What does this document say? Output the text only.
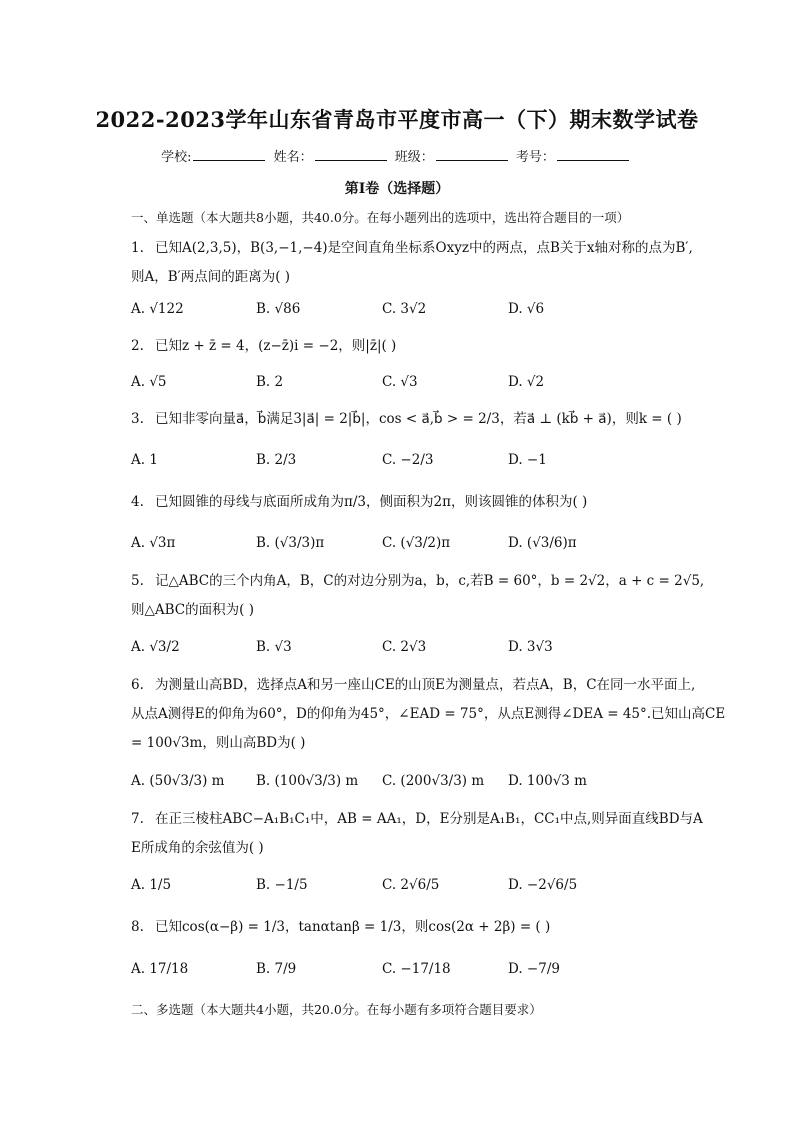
2022-2023学年山东省青岛市平度市高一（下）期末数学试卷
学校:	姓名：	班级：	考号：
第I卷（选择题）
一、单选题（本大题共8小题，共40.0分。在每小题列出的选项中，选出符合题目的一项）
1. 已知A(2,3,5)，B(3,−1,−4)是空间直角坐标系Oxyz中的两点，点B关于x轴对称的点为B′,
则A，B′两点间的距离为( )
A. √122	B. √86	C. 3√2	D. √6
2. 已知z + z̄ = 4，(z−z̄)i = −2，则|z̄|( )
A. √5	B. 2	C. √3	D. √2
3. 已知非零向量a⃗，b⃗满足3|a⃗| = 2|b⃗|，cos < a⃗,b⃗ > = 2/3，若a⃗ ⊥ (kb⃗ + a⃗)，则k = ( )
A. 1	B. 2/3	C. −2/3	D. −1
4. 已知圆锥的母线与底面所成角为π/3，侧面积为2π，则该圆锥的体积为( )
A. √3π	B. (√3/3)π	C. (√3/2)π	D. (√3/6)π
5. 记△ABC的三个内角A，B，C的对边分别为a，b，c,若B = 60°，b = 2√2，a + c = 2√5,
则△ABC的面积为( )
A. √3/2	B. √3	C. 2√3	D. 3√3
6. 为测量山高BD，选择点A和另一座山CE的山顶E为测量点，若点A，B，C在同一水平面上,
从点A测得E的仰角为60°，D的仰角为45°，∠EAD = 75°，从点E测得∠DEA = 45°.已知山高CE
= 100√3m，则山高BD为( )
A. (50√3/3) m B. (100√3/3) m C. (200√3/3) m D. 100√3 m
7. 在正三棱柱ABC−A₁B₁C₁中，AB = AA₁，D，E分别是A₁B₁，CC₁中点,则异面直线BD与A
E所成角的余弦值为( )
A. 1/5	B. −1/5	C. 2√6/5	D. −2√6/5
8. 已知cos(α−β) = 1/3，tanαtanβ = 1/3，则cos(2α + 2β) = ( )
A. 17/18	B. 7/9	C. −17/18	D. −7/9
二、多选题（本大题共4小题，共20.0分。在每小题有多项符合题目要求）
